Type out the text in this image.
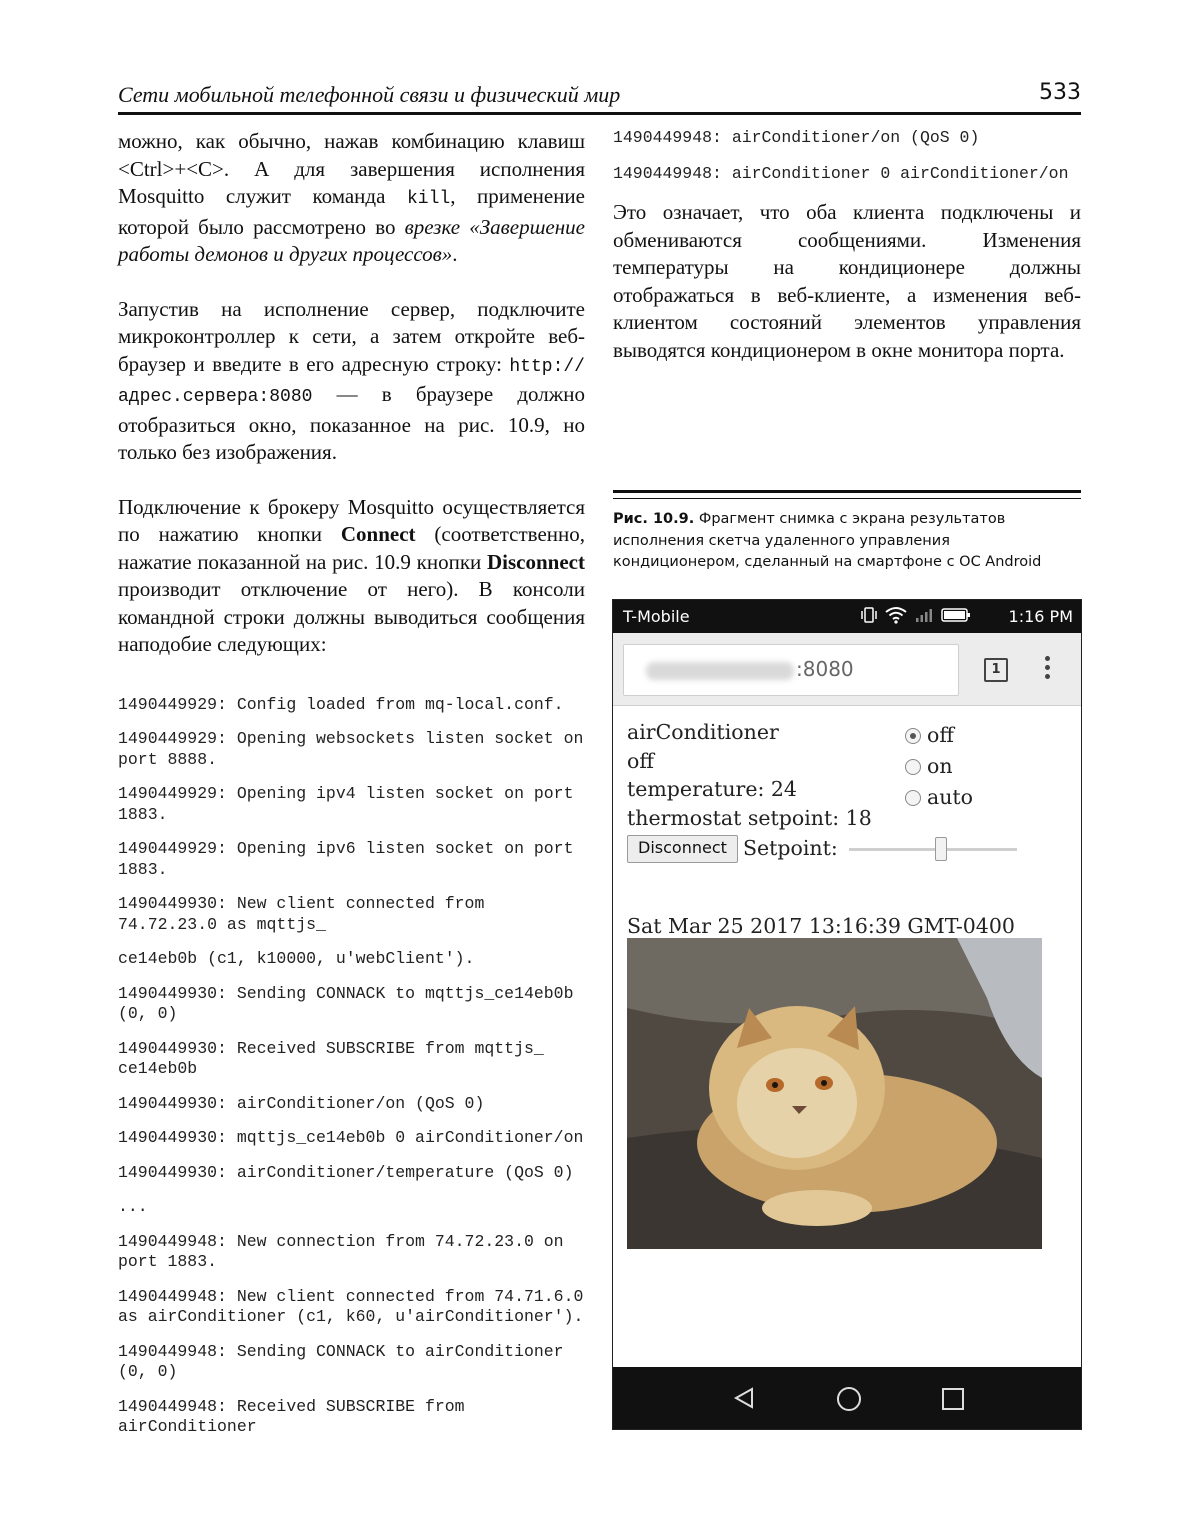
Сети мобильной телефонной связи и физический мир	533

можно, как обычно, нажав комбинацию клавиш <Ctrl>+<C>. А для завершения исполнения Mosquitto служит команда kill, применение которой было рассмотрено во врезке «Завершение работы демонов и других процессов».

Запустив на исполнение сервер, подключите микроконтроллер к сети, а затем откройте веб-браузер и введите в его адресную строку: http://адрес.сервера:8080 — в браузере должно отобразиться окно, показанное на рис. 10.9, но только без изображения.

Подключение к брокеру Mosquitto осуществляется по нажатию кнопки Connect (соответственно, нажатие показанной на рис. 10.9 кнопки Disconnect производит отключение от него). В консоли командной строки должны выводиться сообщения наподобие следующих:

1490449929: Config loaded from mq-local.conf.
1490449929: Opening websockets listen socket on port 8888.
1490449929: Opening ipv4 listen socket on port 1883.
1490449929: Opening ipv6 listen socket on port 1883.
1490449930: New client connected from 74.72.23.0 as mqttjs_
ce14eb0b (c1, k10000, u'webClient').
1490449930: Sending CONNACK to mqttjs_ce14eb0b (0, 0)
1490449930: Received SUBSCRIBE from mqttjs_ ce14eb0b
1490449930: airConditioner/on (QoS 0)
1490449930: mqttjs_ce14eb0b 0 airConditioner/on
1490449930: airConditioner/temperature (QoS 0)
...
1490449948: New connection from 74.72.23.0 on port 1883.
1490449948: New client connected from 74.71.6.0 as airConditioner (c1, k60, u'airConditioner').
1490449948: Sending CONNACK to airConditioner (0, 0)
1490449948: Received SUBSCRIBE from airConditioner
1490449948: airConditioner/on (QoS 0)
1490449948: airConditioner 0 airConditioner/on

Это означает, что оба клиента подключены и обмениваются сообщениями. Изменения температуры на кондиционере должны отображаться в веб-клиенте, а изменения веб-клиентом состояний элементов управления выводятся кондиционером в окне монитора порта.

Рис. 10.9. Фрагмент снимка с экрана результатов исполнения скетча удаленного управления кондиционером, сделанный на смартфоне с ОС Android
T-Mobile	1:16 PM
:8080	1
airConditioner
off
temperature: 24
thermostat setpoint: 18
off
on
auto
Disconnect Setpoint:
Sat Mar 25 2017 13:16:39 GMT-0400
